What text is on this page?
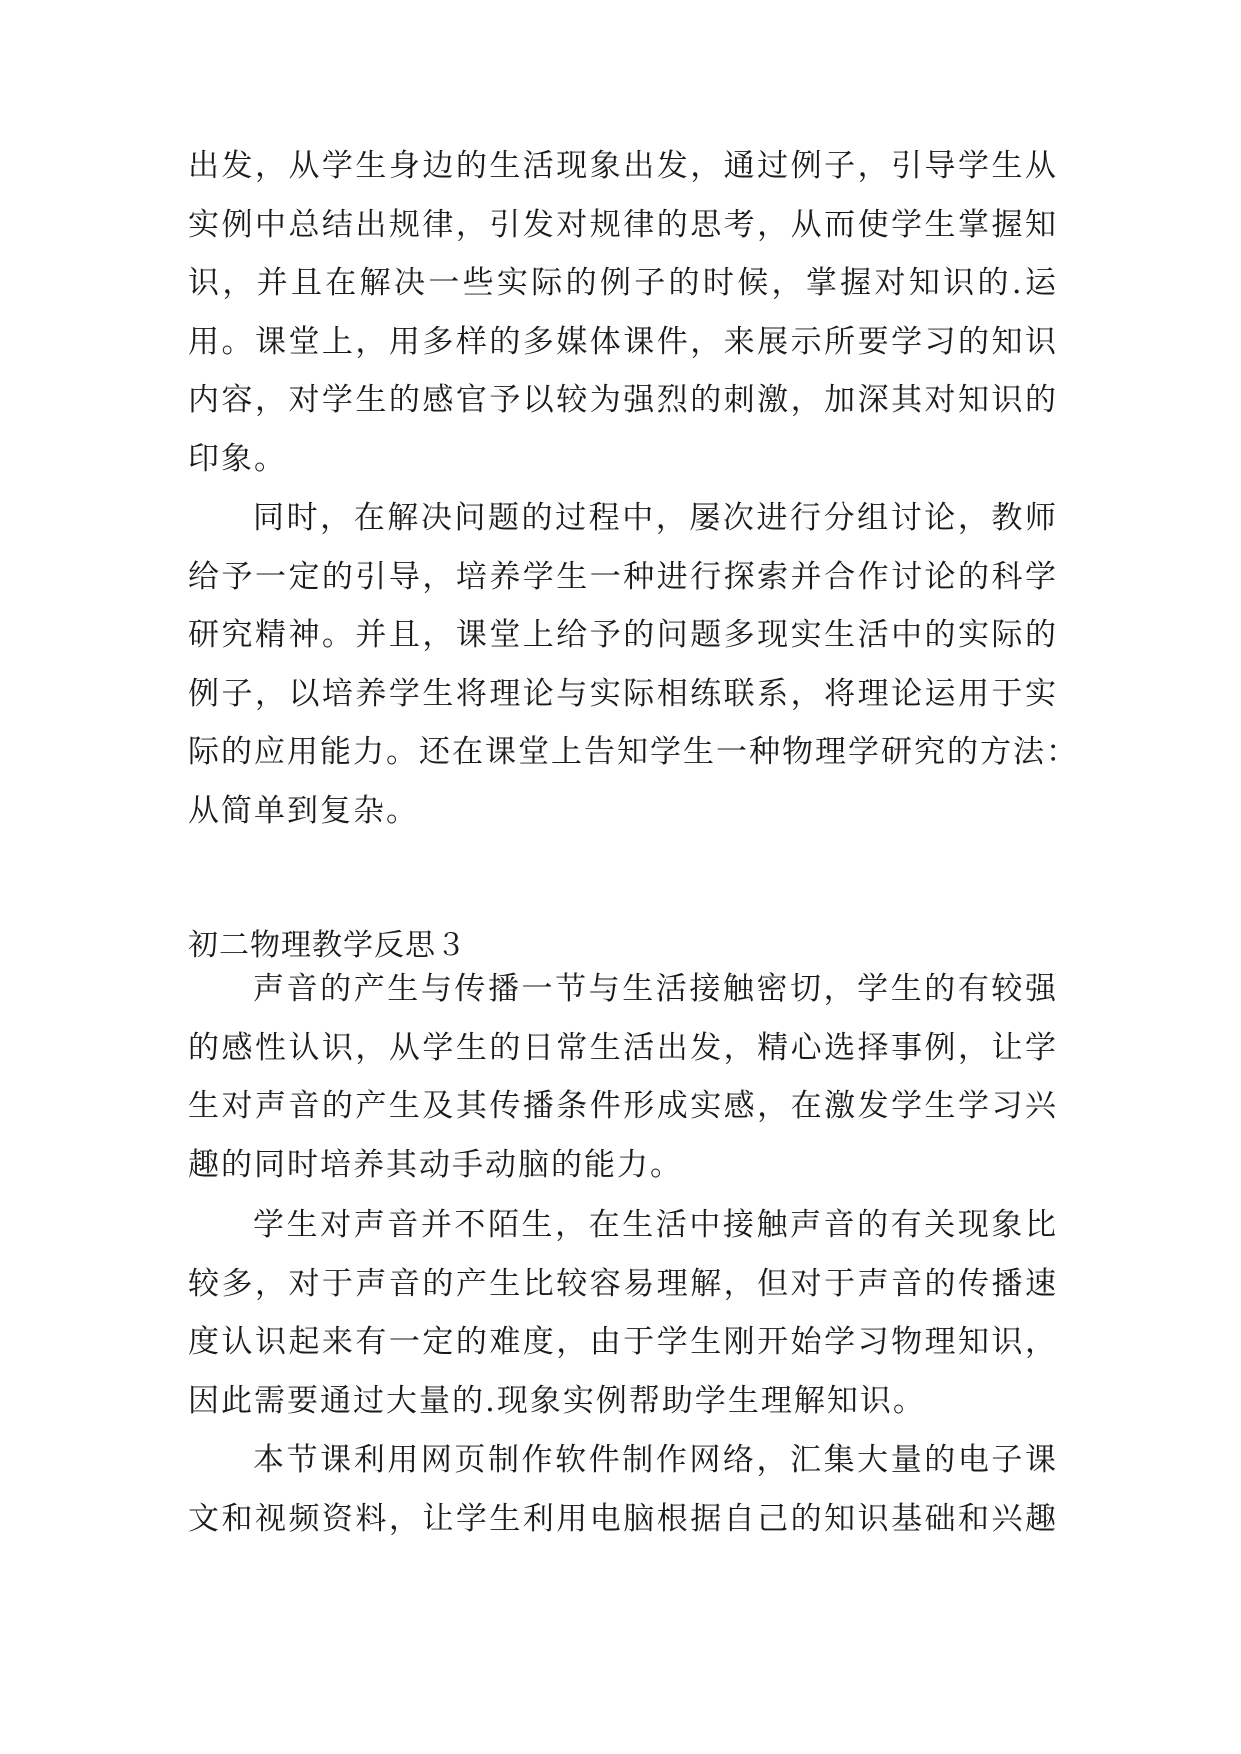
出发，从学生身边的生活现象出发，通过例子，引导学生从
实例中总结出规律，引发对规律的思考，从而使学生掌握知
识，并且在解决一些实际的例子的时候，掌握对知识的.运
用。课堂上，用多样的多媒体课件，来展示所要学习的知识
内容，对学生的感官予以较为强烈的刺激，加深其对知识的
印象。
同时，在解决问题的过程中，屡次进行分组讨论，教师
给予一定的引导，培养学生一种进行探索并合作讨论的科学
研究精神。并且，课堂上给予的问题多现实生活中的实际的
例子，以培养学生将理论与实际相练联系，将理论运用于实
际的应用能力。还在课堂上告知学生一种物理学研究的方法：
从简单到复杂。
初二物理教学反思３
声音的产生与传播一节与生活接触密切，学生的有较强
的感性认识，从学生的日常生活出发，精心选择事例，让学
生对声音的产生及其传播条件形成实感，在激发学生学习兴
趣的同时培养其动手动脑的能力。
学生对声音并不陌生，在生活中接触声音的有关现象比
较多，对于声音的产生比较容易理解，但对于声音的传播速
度认识起来有一定的难度，由于学生刚开始学习物理知识，
因此需要通过大量的.现象实例帮助学生理解知识。
本节课利用网页制作软件制作网络，汇集大量的电子课
文和视频资料，让学生利用电脑根据自己的知识基础和兴趣
